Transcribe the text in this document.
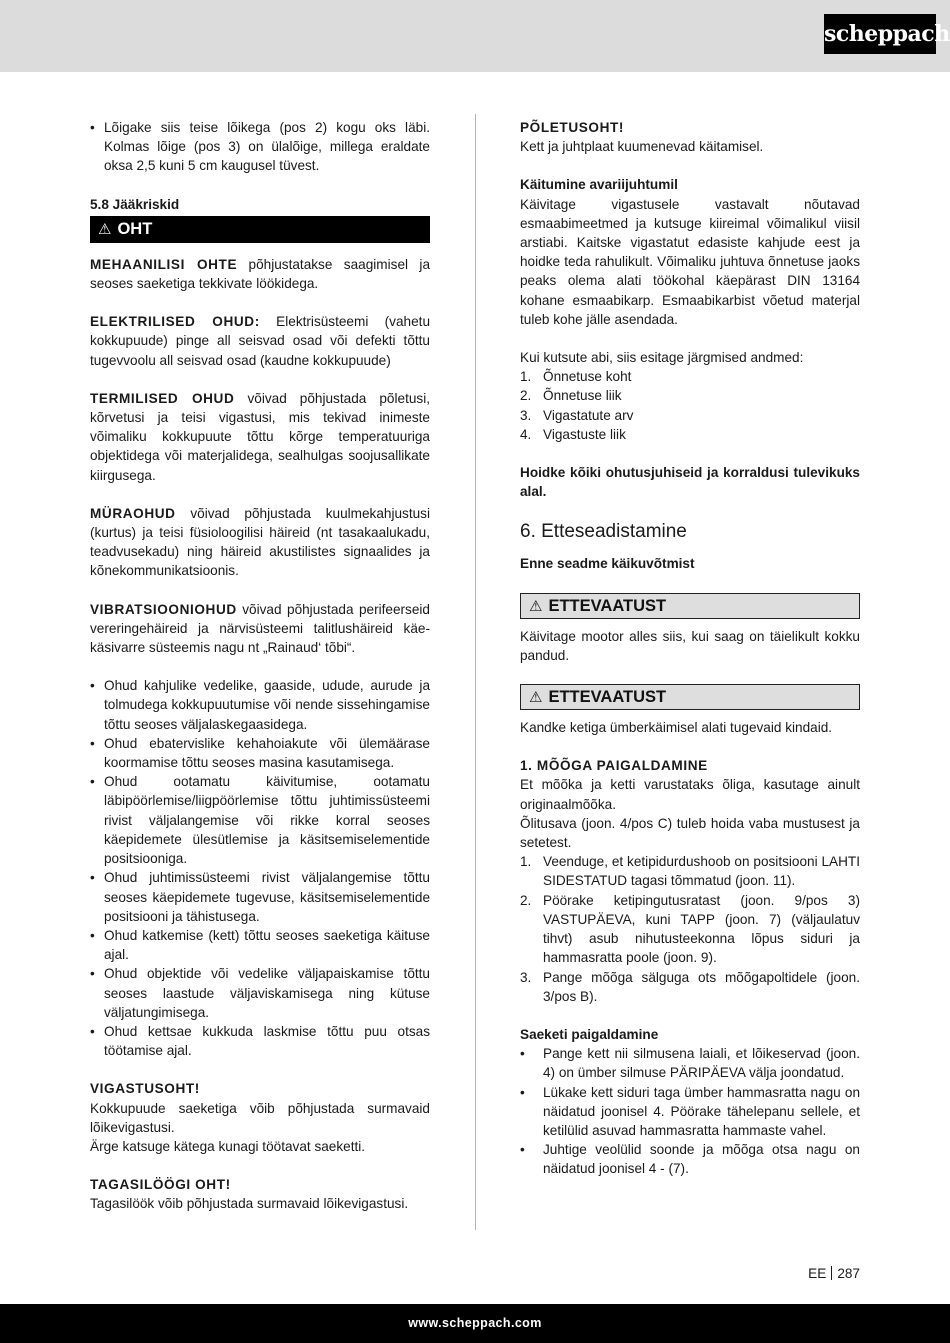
scheppach
• Lõigake siis teise lõikega (pos 2) kogu oks läbi. Kolmas lõige (pos 3) on ülalõige, millega eraldate oksa 2,5 kuni 5 cm kaugusel tüvest.

5.8 Jääkriskid

⚠ OHT

MEHAANILISI OHTE põhjustatakse saagimisel ja seoses saeketiga tekkivate löökidega.

ELEKTRILISED OHUD: Elektrisüsteemi (vahetu kokkupuude) pinge all seisvad osad või defekti tõttu tugevvoolu all seisvad osad (kaudne kokkupuude)

TERMILISED OHUD võivad põhjustada põletusi, kõrvetusi ja teisi vigastusi, mis tekivad inimeste võimaliku kokkupuute tõttu kõrge temperatuuriga objektidega või materjalidega, sealhulgas soojusallikate kiirgusega.

MÜRAOHUD võivad põhjustada kuulmekahjustusi (kurtus) ja teisi füsioloogilisi häireid (nt tasakaalukadu, teadvusekadu) ning häireid akustilistes signaalides ja kõnekommunikatsioonis.

VIBRATSIOONIOHUD võivad põhjustada perifeerseid vereringehäireid ja närvisüsteemi talitlushäireid käe-käsivarre süsteemis nagu nt „Rainaud‘ tõbi“.

• Ohud kahjulike vedelike, gaaside, udude, aurude ja tolmudega kokkupuutumise või nende sissehingamise tõttu seoses väljalaskegaasidega.
• Ohud ebatervislike kehahoiakute või ülemäärase koormamise tõttu seoses masina kasutamisega.
• Ohud ootamatu käivitumise, ootamatu läbipöörlemise/liigpöörlemise tõttu juhtimissüsteemi rivist väljalangemise või rikke korral seoses käepidemete ülesütlemise ja käsitsemiselementide positsiooniga.
• Ohud juhtimissüsteemi rivist väljalangemise tõttu seoses käepidemete tugevuse, käsitsemiselementide positsiooni ja tähistusega.
• Ohud katkemise (kett) tõttu seoses saeketiga käituse ajal.
• Ohud objektide või vedelike väljapaiskamise tõttu seoses laastude väljaviskamisega ning kütuse väljatungimisega.
• Ohud kettsae kukkuda laskmise tõttu puu otsas töötamise ajal.

VIGASTUSOHT!

Kokkupuude saeketiga võib põhjustada surmavaid lõikevigastusi.

Ärge katsuge kätega kunagi töötavat saeketti.

TAGASILÖÖGI OHT!

Tagasilöök võib põhjustada surmavaid lõikevigastusi.

PÕLETUSOHT!

Kett ja juhtplaat kuumenevad käitamisel.

Käitumine avariijuhtumil

Käivitage vigastusele vastavalt nõutavad esmaabimeetmed ja kutsuge kiireimal võimalikul viisil arstiabi. Kaitske vigastatut edasiste kahjude eest ja hoidke teda rahulikult. Võimaliku juhtuva õnnetuse jaoks peaks olema alati töökohal käepärast DIN 13164 kohane esmaabikarp. Esmaabikarbist võetud materjal tuleb kohe jälle asendada.

Kui kutsute abi, siis esitage järgmised andmed:

1. Õnnetuse koht
2. Õnnetuse liik
3. Vigastatute arv
4. Vigastuste liik

Hoidke kõiki ohutusjuhiseid ja korraldusi tulevikuks alal.

6. Etteseadistamine

Enne seadme käikuvõtmist

⚠ ETTEVAATUST

Käivitage mootor alles siis, kui saag on täielikult kokku pandud.

⚠ ETTEVAATUST

Kandke ketiga ümberkäimisel alati tugevaid kindaid.

1. MÕÕGA PAIGALDAMINE

Et mõõka ja ketti varustataks õliga, kasutage ainult originaalmõõka.

Õlitusava (joon. 4/pos C) tuleb hoida vaba mustusest ja setetest.

1. Veenduge, et ketipidurdushoob on positsiooni LAHTI SIDESTATUD tagasi tõmmatud (joon. 11).
2. Pöörake ketipingutusratast (joon. 9/pos 3) VASTUPÄEVA, kuni TAPP (joon. 7) (väljaulatuv tihvt) asub nihutusteekonna lõpus siduri ja hammasratta poole (joon. 9).
3. Pange mõõga sälguga ots mõõgapoltidele (joon. 3/pos B).

Saeketi paigaldamine

• Pange kett nii silmusena laiali, et lõikeservad (joon. 4) on ümber silmuse PÄRIPÄEVA välja joondatud.
• Lükake kett siduri taga ümber hammasratta nagu on näidatud joonisel 4. Pöörake tähelepanu sellele, et ketilülid asuvad hammasratta hammaste vahel.
• Juhtige veolülid soonde ja mõõga otsa nagu on näidatud joonisel 4 - (7).
EE 287
www.scheppach.com
